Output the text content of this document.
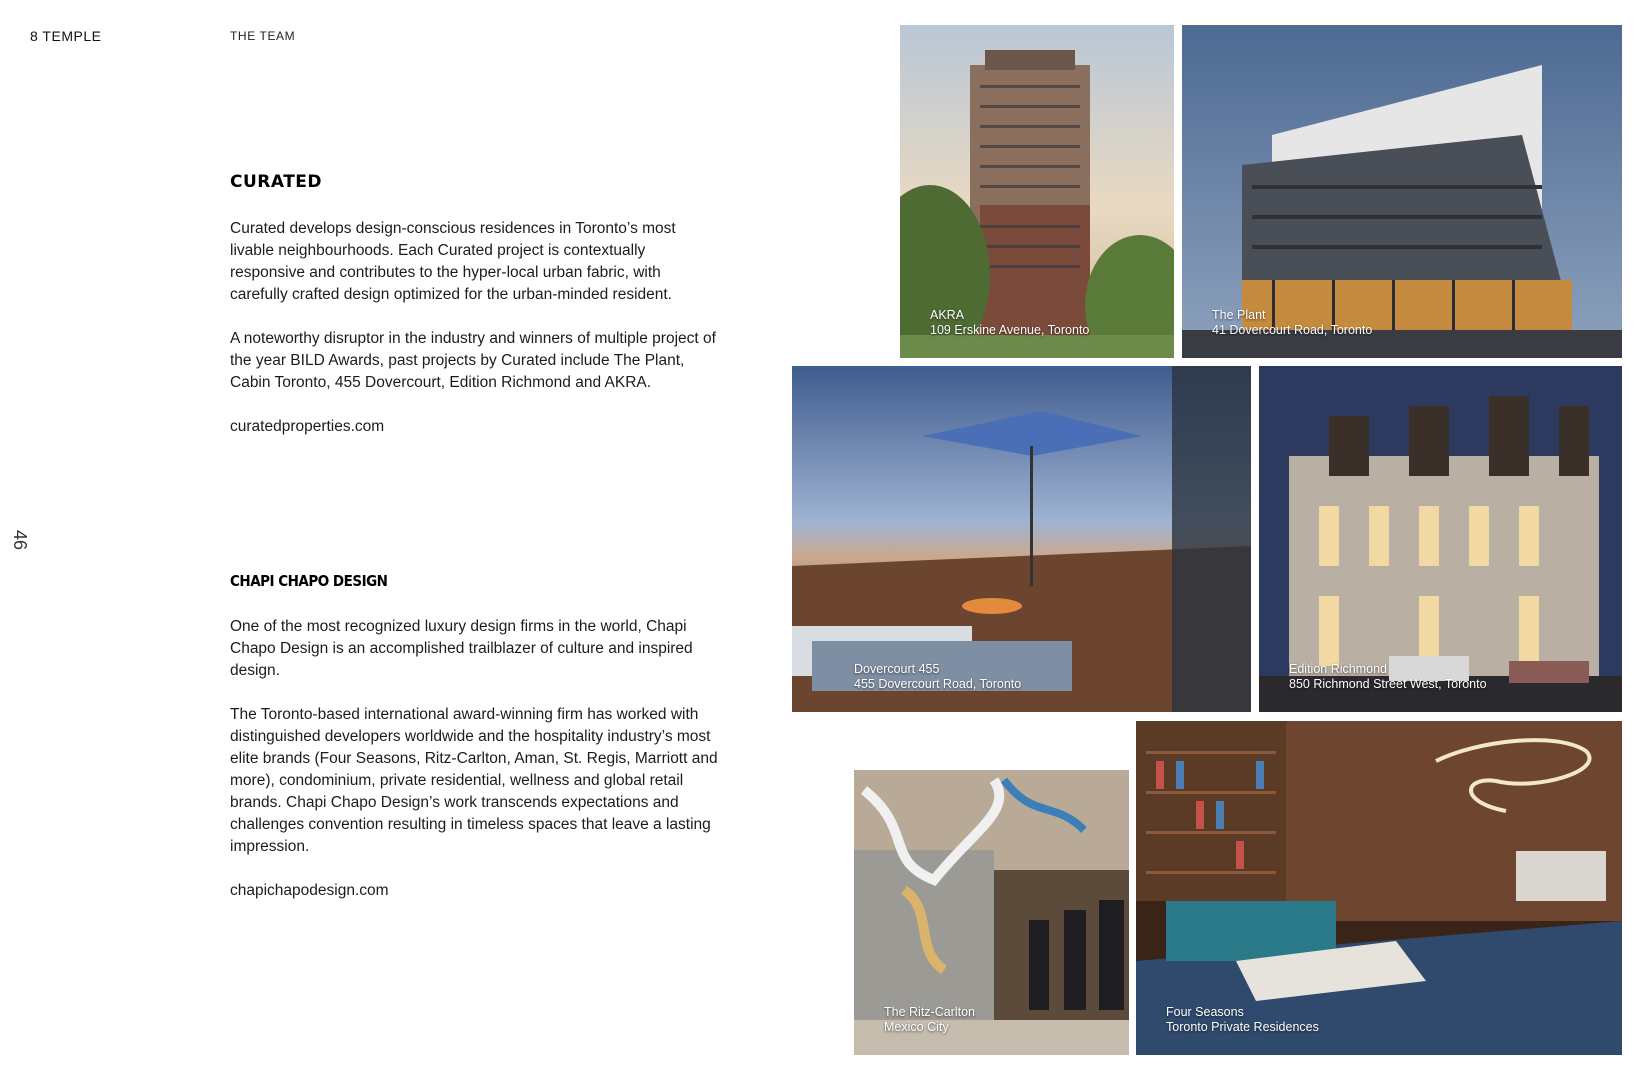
8 TEMPLE	THE TEAM
46
CURATED

Curated develops design-conscious residences in Toronto’s most livable neighbourhoods. Each Curated project is contextually responsive and contributes to the hyper-local urban fabric, with carefully crafted design optimized for the urban-minded resident.

A noteworthy disruptor in the industry and winners of multiple project of the year BILD Awards, past projects by Curated include The Plant, Cabin Toronto, 455 Dovercourt, Edition Richmond and AKRA.

curatedproperties.com

CHAPI CHAPO DESIGN

One of the most recognized luxury design firms in the world, Chapi Chapo Design is an accomplished trailblazer of culture and inspired design.

The Toronto-based international award-winning firm has worked with distinguished developers worldwide and the hospitality industry’s most elite brands (Four Seasons, Ritz-Carlton, Aman, St. Regis, Marriott and more), condominium, private residential, wellness and global retail brands. Chapi Chapo Design’s work transcends expectations and challenges convention resulting in timeless spaces that leave a lasting impression.

chapichapodesign.com

AKRA
109 Erskine Avenue, Toronto
The Plant
41 Dovercourt Road, Toronto
Dovercourt 455
455 Dovercourt Road, Toronto
Edition Richmond
850 Richmond Street West, Toronto
The Ritz-Carlton
Mexico City
Four Seasons
Toronto Private Residences
